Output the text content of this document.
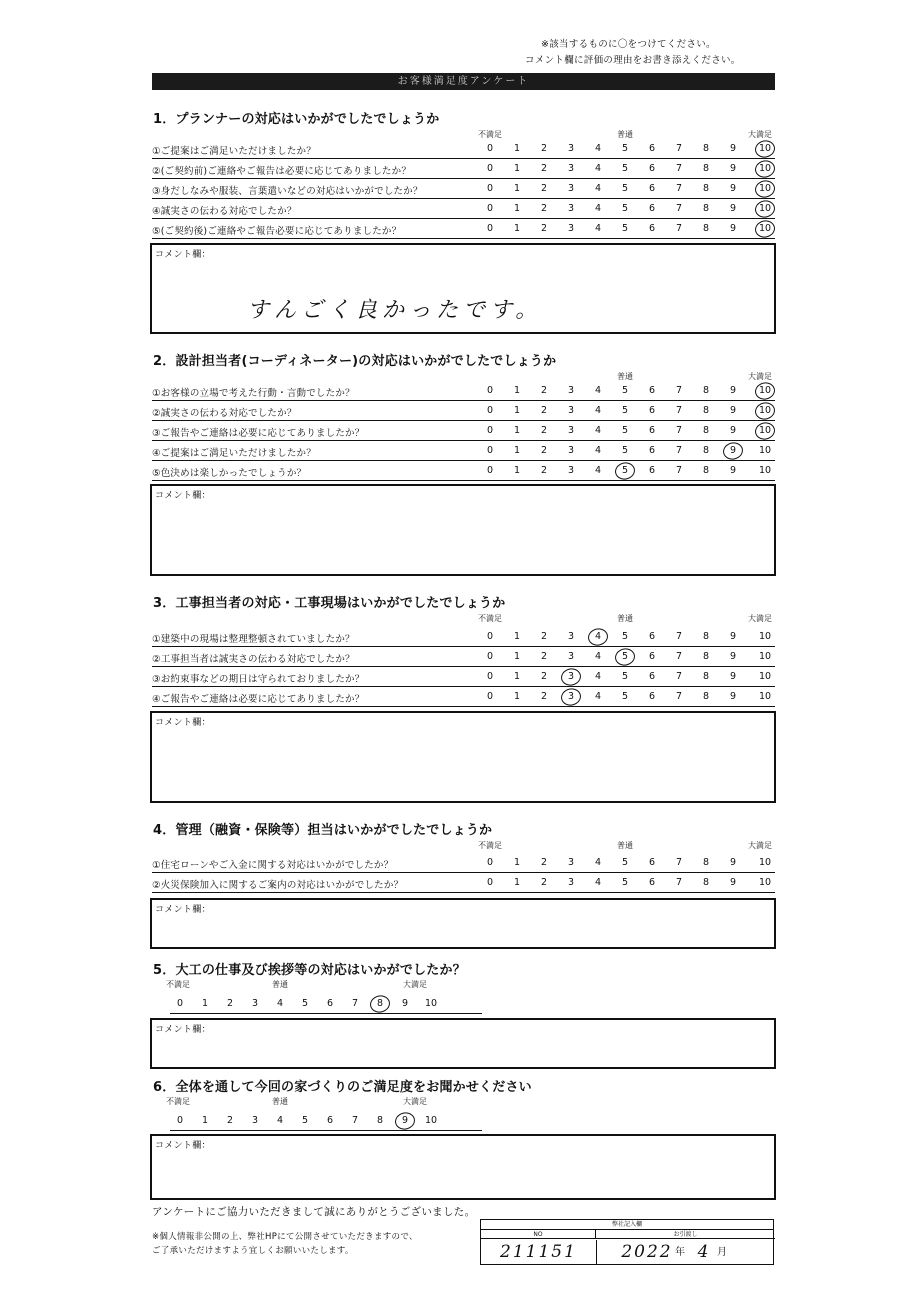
※該当するものに〇をつけてください。
コメント欄に評価の理由をお書き添えください。
お客様満足度アンケート
1．プランナーの対応はいかがでしたでしょうか
不満足	普通	大満足
①ご提案はご満足いただけましたか？	0	1	2	3	4	5	6	7	8	9	10
②(ご契約前)ご連絡やご報告は必要に応じてありましたか？	0	1	2	3	4	5	6	7	8	9	10
③身だしなみや服装、言葉遣いなどの対応はいかがでしたか？	0	1	2	3	4	5	6	7	8	9	10
④誠実さの伝わる対応でしたか？	0	1	2	3	4	5	6	7	8	9	10
⑤(ご契約後)ご連絡やご報告必要に応じてありましたか？	0	1	2	3	4	5	6	7	8	9	10
コメント欄：
すんごく良かったです。
2．設計担当者(コーディネーター)の対応はいかがでしたでしょうか
普通	大満足
①お客様の立場で考えた行動・言動でしたか？	0	1	2	3	4	5	6	7	8	9	10
②誠実さの伝わる対応でしたか？	0	1	2	3	4	5	6	7	8	9	10
③ご報告やご連絡は必要に応じてありましたか？	0	1	2	3	4	5	6	7	8	9	10
④ご提案はご満足いただけましたか？	0	1	2	3	4	5	6	7	8	9	10
⑤色決めは楽しかったでしょうか？	0	1	2	3	4	5	6	7	8	9	10
コメント欄：
3．工事担当者の対応・工事現場はいかがでしたでしょうか
不満足	普通	大満足
①建築中の現場は整理整頓されていましたか？	0	1	2	3	4	5	6	7	8	9	10
②工事担当者は誠実さの伝わる対応でしたか？	0	1	2	3	4	5	6	7	8	9	10
③お約束事などの期日は守られておりましたか？	0	1	2	3	4	5	6	7	8	9	10
④ご報告やご連絡は必要に応じてありましたか？	0	1	2	3	4	5	6	7	8	9	10
コメント欄：
4．管理（融資・保険等）担当はいかがでしたでしょうか
不満足	普通	大満足
①住宅ローンやご入金に関する対応はいかがでしたか？	0	1	2	3	4	5	6	7	8	9	10
②火災保険加入に関するご案内の対応はいかがでしたか？	0	1	2	3	4	5	6	7	8	9	10
コメント欄：
5．大工の仕事及び挨拶等の対応はいかがでしたか？
不満足	普通	大満足
0	1	2	3	4	5	6	7	8	9	10
コメント欄：
6．全体を通して今回の家づくりのご満足度をお聞かせください
不満足	普通	大満足
0	1	2	3	4	5	6	7	8	9	10
コメント欄：
アンケートにご協力いただきまして誠にありがとうございました。
※個人情報非公開の上、弊社HPにて公開させていただきますので、
ご了承いただけますよう宜しくお願いいたします。
弊社記入欄
NO	お引渡し
211151	2022 年 4 月
